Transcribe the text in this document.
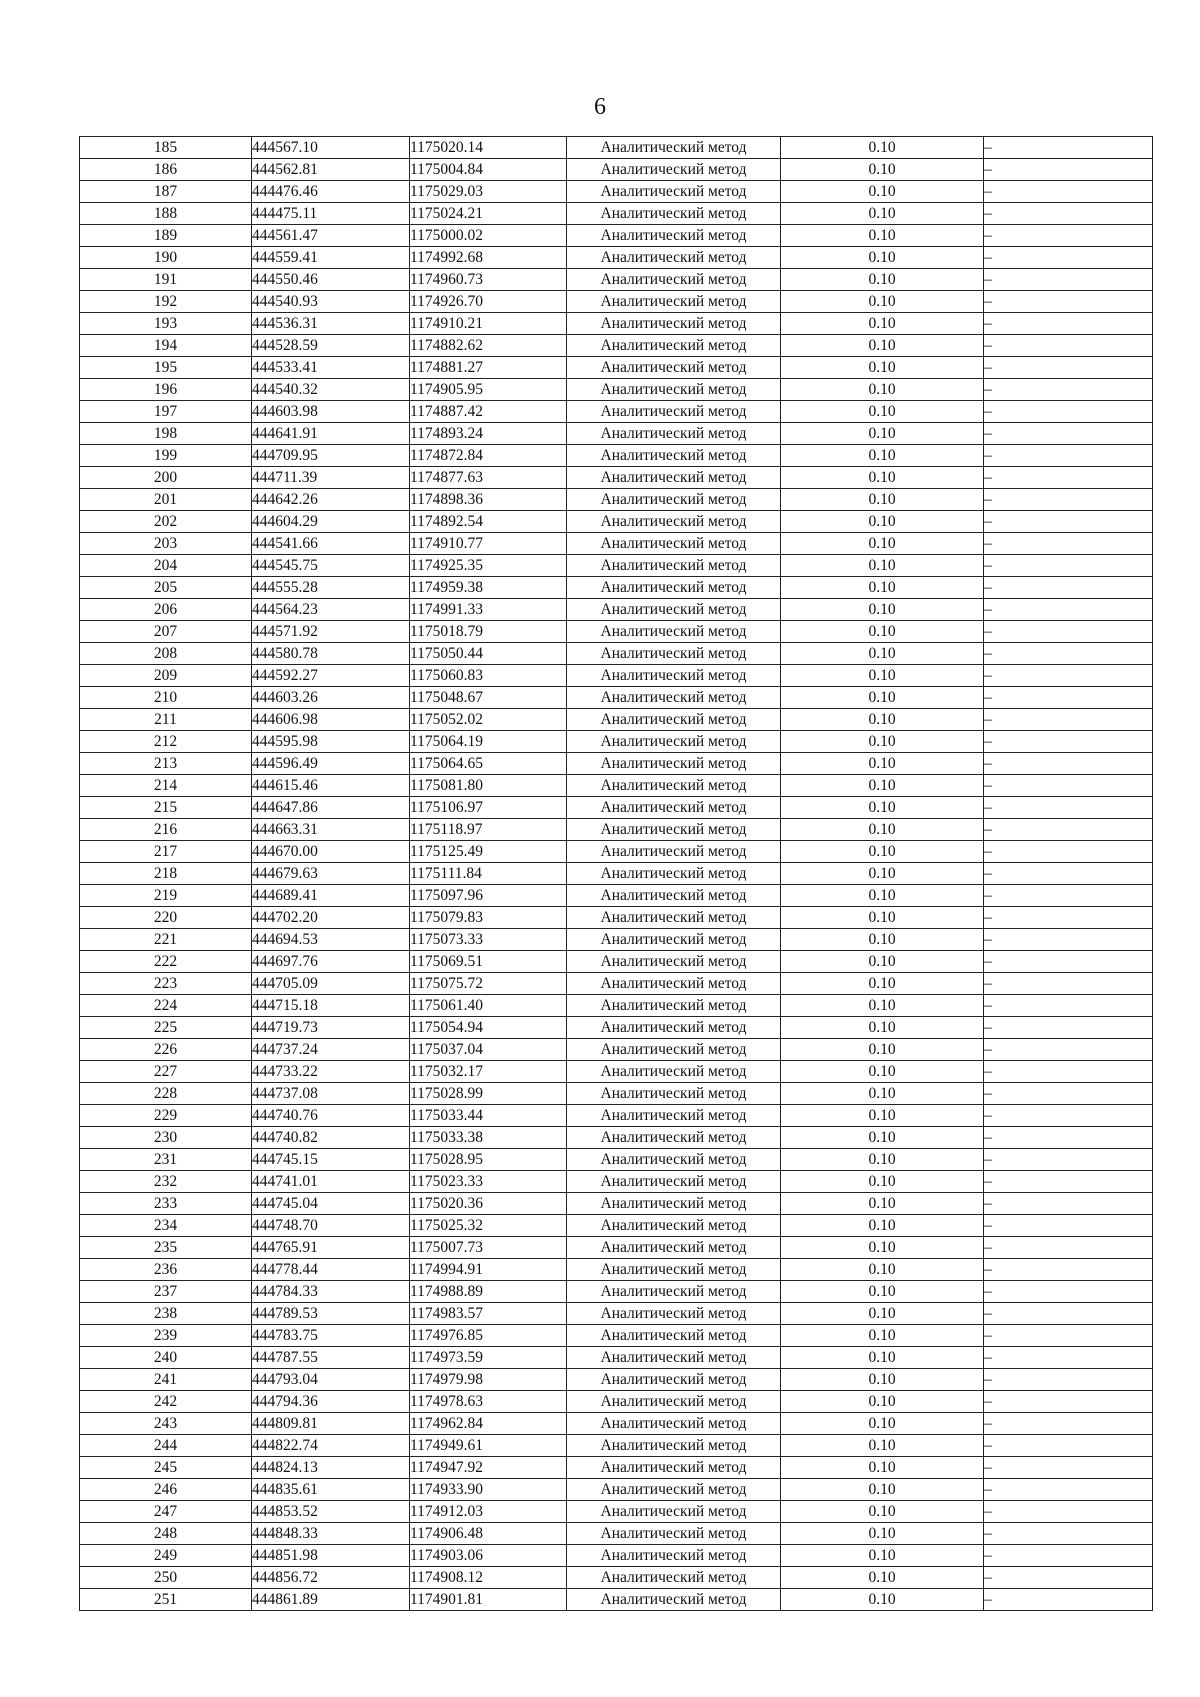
6
185	444567.10	1175020.14	Аналитический метод	0.10	–
186	444562.81	1175004.84	Аналитический метод	0.10	–
187	444476.46	1175029.03	Аналитический метод	0.10	–
188	444475.11	1175024.21	Аналитический метод	0.10	–
189	444561.47	1175000.02	Аналитический метод	0.10	–
190	444559.41	1174992.68	Аналитический метод	0.10	–
191	444550.46	1174960.73	Аналитический метод	0.10	–
192	444540.93	1174926.70	Аналитический метод	0.10	–
193	444536.31	1174910.21	Аналитический метод	0.10	–
194	444528.59	1174882.62	Аналитический метод	0.10	–
195	444533.41	1174881.27	Аналитический метод	0.10	–
196	444540.32	1174905.95	Аналитический метод	0.10	–
197	444603.98	1174887.42	Аналитический метод	0.10	–
198	444641.91	1174893.24	Аналитический метод	0.10	–
199	444709.95	1174872.84	Аналитический метод	0.10	–
200	444711.39	1174877.63	Аналитический метод	0.10	–
201	444642.26	1174898.36	Аналитический метод	0.10	–
202	444604.29	1174892.54	Аналитический метод	0.10	–
203	444541.66	1174910.77	Аналитический метод	0.10	–
204	444545.75	1174925.35	Аналитический метод	0.10	–
205	444555.28	1174959.38	Аналитический метод	0.10	–
206	444564.23	1174991.33	Аналитический метод	0.10	–
207	444571.92	1175018.79	Аналитический метод	0.10	–
208	444580.78	1175050.44	Аналитический метод	0.10	–
209	444592.27	1175060.83	Аналитический метод	0.10	–
210	444603.26	1175048.67	Аналитический метод	0.10	–
211	444606.98	1175052.02	Аналитический метод	0.10	–
212	444595.98	1175064.19	Аналитический метод	0.10	–
213	444596.49	1175064.65	Аналитический метод	0.10	–
214	444615.46	1175081.80	Аналитический метод	0.10	–
215	444647.86	1175106.97	Аналитический метод	0.10	–
216	444663.31	1175118.97	Аналитический метод	0.10	–
217	444670.00	1175125.49	Аналитический метод	0.10	–
218	444679.63	1175111.84	Аналитический метод	0.10	–
219	444689.41	1175097.96	Аналитический метод	0.10	–
220	444702.20	1175079.83	Аналитический метод	0.10	–
221	444694.53	1175073.33	Аналитический метод	0.10	–
222	444697.76	1175069.51	Аналитический метод	0.10	–
223	444705.09	1175075.72	Аналитический метод	0.10	–
224	444715.18	1175061.40	Аналитический метод	0.10	–
225	444719.73	1175054.94	Аналитический метод	0.10	–
226	444737.24	1175037.04	Аналитический метод	0.10	–
227	444733.22	1175032.17	Аналитический метод	0.10	–
228	444737.08	1175028.99	Аналитический метод	0.10	–
229	444740.76	1175033.44	Аналитический метод	0.10	–
230	444740.82	1175033.38	Аналитический метод	0.10	–
231	444745.15	1175028.95	Аналитический метод	0.10	–
232	444741.01	1175023.33	Аналитический метод	0.10	–
233	444745.04	1175020.36	Аналитический метод	0.10	–
234	444748.70	1175025.32	Аналитический метод	0.10	–
235	444765.91	1175007.73	Аналитический метод	0.10	–
236	444778.44	1174994.91	Аналитический метод	0.10	–
237	444784.33	1174988.89	Аналитический метод	0.10	–
238	444789.53	1174983.57	Аналитический метод	0.10	–
239	444783.75	1174976.85	Аналитический метод	0.10	–
240	444787.55	1174973.59	Аналитический метод	0.10	–
241	444793.04	1174979.98	Аналитический метод	0.10	–
242	444794.36	1174978.63	Аналитический метод	0.10	–
243	444809.81	1174962.84	Аналитический метод	0.10	–
244	444822.74	1174949.61	Аналитический метод	0.10	–
245	444824.13	1174947.92	Аналитический метод	0.10	–
246	444835.61	1174933.90	Аналитический метод	0.10	–
247	444853.52	1174912.03	Аналитический метод	0.10	–
248	444848.33	1174906.48	Аналитический метод	0.10	–
249	444851.98	1174903.06	Аналитический метод	0.10	–
250	444856.72	1174908.12	Аналитический метод	0.10	–
251	444861.89	1174901.81	Аналитический метод	0.10	–
